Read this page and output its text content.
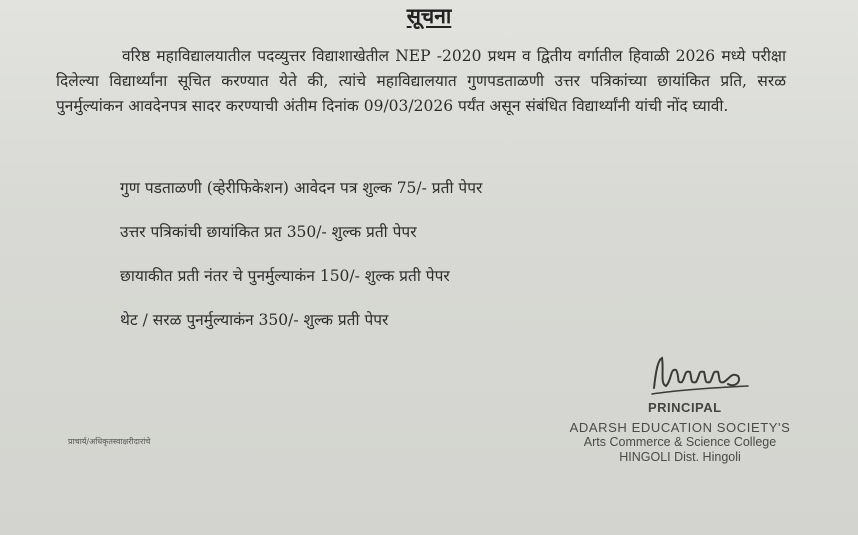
सूचना
वरिष्ठ महाविद्यालयातील पदव्युत्तर विद्याशाखेतील NEP -2020 प्रथम व द्वितीय वर्गातील हिवाळी 2026 मध्ये परीक्षा दिलेल्या विद्यार्थ्यांना सूचित करण्यात येते की, त्यांचे महाविद्यालयात गुणपडताळणी उत्तर पत्रिकांच्या छायांकित प्रति, सरळ पुनर्मुल्यांकन आवदेनपत्र सादर करण्याची अंतीम दिनांक 09/03/2026 पर्यंत असून संबंधित विद्यार्थ्यांनी यांची नोंद घ्यावी.
गुण पडताळणी (व्हेरीफिकेशन) आवेदन पत्र शुल्क 75/- प्रती पेपर
उत्तर पत्रिकांची छायांकित प्रत 350/- शुल्क प्रती पेपर
छायाकीत प्रती नंतर चे पुनर्मुल्याकंन 150/- शुल्क प्रती पेपर
थेट / सरळ पुनर्मुल्याकंन 350/- शुल्क प्रती पेपर
PRINCIPAL
ADARSH EDUCATION SOCIETY'S
Arts Commerce & Science College
HINGOLI Dist. Hingoli
प्राचार्य/अधिकृतस्वाक्षरीदारांचे
